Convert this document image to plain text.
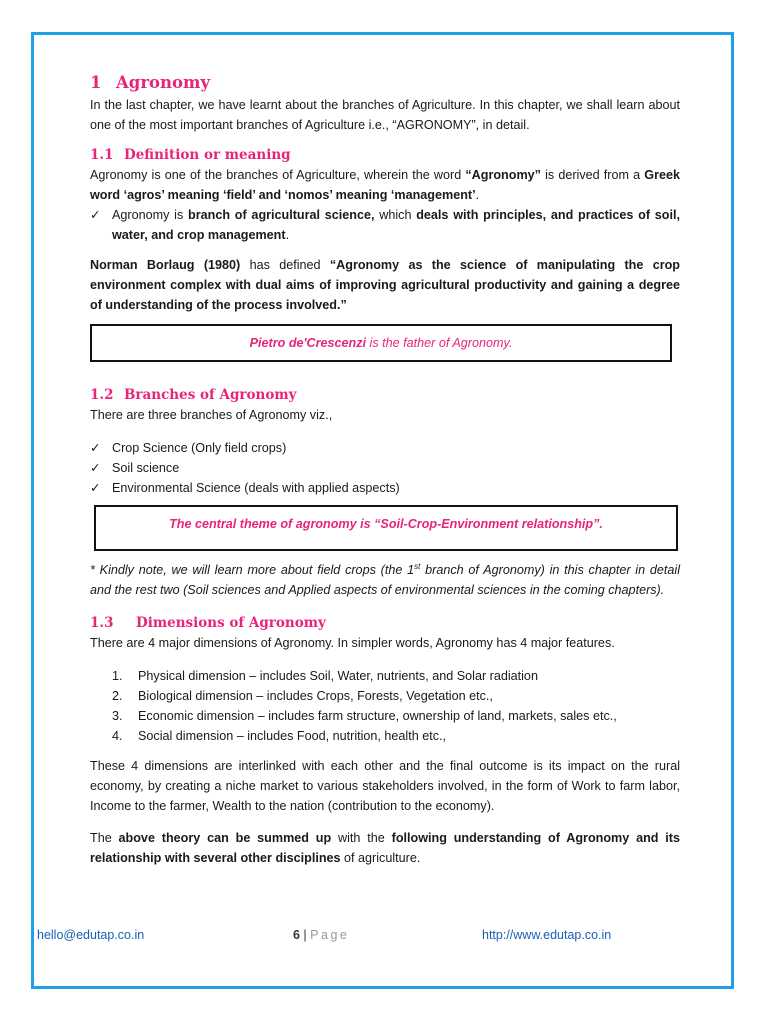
1 Agronomy

In the last chapter, we have learnt about the branches of Agriculture. In this chapter, we shall learn about one of the most important branches of Agriculture i.e., “AGRONOMY”, in detail.

1.1 Definition or meaning

Agronomy is one of the branches of Agriculture, wherein the word “Agronomy” is derived from a Greek word ‘agros’ meaning ‘field’ and ‘nomos’ meaning ‘management’.

✓ Agronomy is branch of agricultural science, which deals with principles, and practices of soil, water, and crop management.

Norman Borlaug (1980) has defined “Agronomy as the science of manipulating the crop environment complex with dual aims of improving agricultural productivity and gaining a degree of understanding of the process involved.”

Pietro de'Crescenzi is the father of Agronomy.
1.2 Branches of Agronomy

There are three branches of Agronomy viz.,

✓ Crop Science (Only field crops)
✓ Soil science
✓ Environmental Science (deals with applied aspects)
The central theme of agronomy is “Soil-Crop-Environment relationship”.

* Kindly note, we will learn more about field crops (the 1st branch of Agronomy) in this chapter in detail and the rest two (Soil sciences and Applied aspects of environmental sciences in the coming chapters).

1.3 Dimensions of Agronomy

There are 4 major dimensions of Agronomy. In simpler words, Agronomy has 4 major features.

1. Physical dimension – includes Soil, Water, nutrients, and Solar radiation
2. Biological dimension – includes Crops, Forests, Vegetation etc.,
3. Economic dimension – includes farm structure, ownership of land, markets, sales etc.,
4. Social dimension – includes Food, nutrition, health etc.,

These 4 dimensions are interlinked with each other and the final outcome is its impact on the rural economy, by creating a niche market to various stakeholders involved, in the form of Work to farm labor, Income to the farmer, Wealth to the nation (contribution to the economy).

The above theory can be summed up with the following understanding of Agronomy and its relationship with several other disciplines of agriculture.

hello@edutap.co.in	6 | Page	http://www.edutap.co.in
